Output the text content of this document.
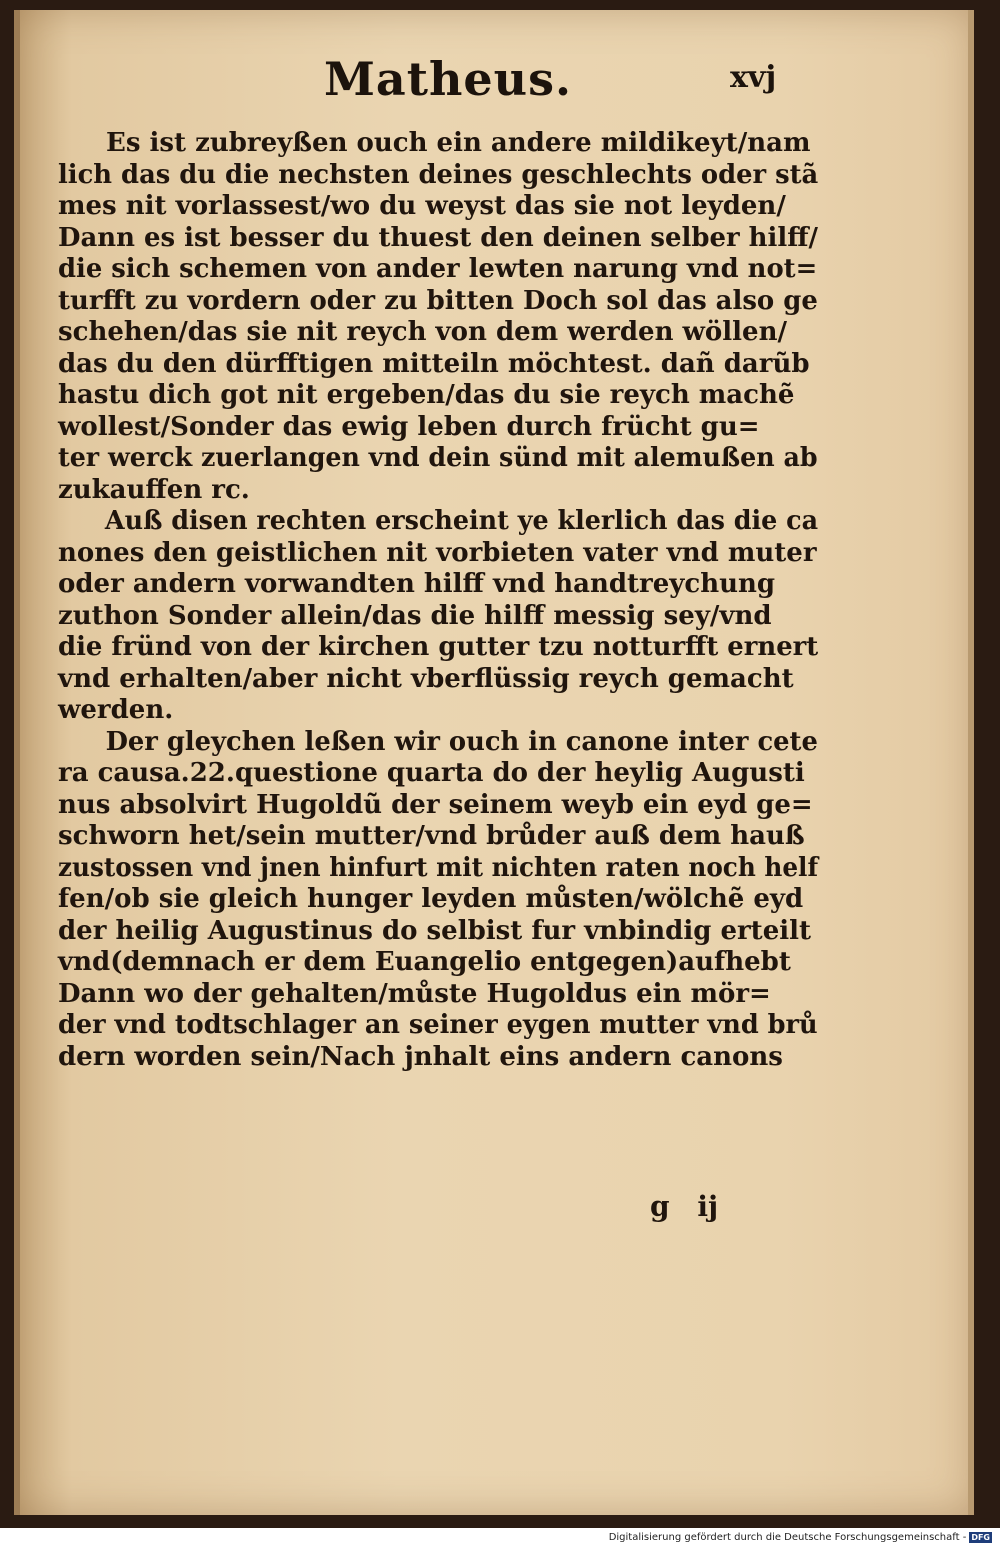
Matheus.	xvj
Es ist zubreyßen ouch ein andere mildikeyt/nam
lich das du die nechsten deines geschlechts oder stã
mes nit vorlassest/wo du weyst das sie not leyden/
Dann es ist besser du thuest den deinen selber hilff/
die sich schemen von ander lewten narung vnd not=
turfft zu vordern oder zu bitten Doch sol das also ge
schehen/das sie nit reych von dem werden wöllen/
das du den dürfftigen mitteiln möchtest. dañ darũb
hastu dich got nit ergeben/das du sie reych machẽ
wollest/Sonder das ewig leben durch frücht gu=
ter werck zuerlangen vnd dein sünd mit alemußen ab
zukauffen rc.
Auß disen rechten erscheint ye klerlich das die ca
nones den geistlichen nit vorbieten vater vnd muter
oder andern vorwandten hilff vnd handtreychung
zuthon Sonder allein/das die hilff messig sey/vnd
die fründ von der kirchen gutter tzu notturfft ernert
vnd erhalten/aber nicht vberflüssig reych gemacht
werden.
Der gleychen leßen wir ouch in canone inter cete
ra causa.22.questione quarta do der heylig Augusti
nus absolvirt Hugoldũ der seinem weyb ein eyd ge=
schworn het/sein mutter/vnd brůder auß dem hauß
zustossen vnd jnen hinfurt mit nichten raten noch helf
fen/ob sie gleich hunger leyden můsten/wölchẽ eyd
der heilig Augustinus do selbist fur vnbindig erteilt
vnd(demnach er dem Euangelio entgegen)aufhebt
Dann wo der gehalten/můste Hugoldus ein mör=
der vnd todtschlager an seiner eygen mutter vnd brů
dern worden sein/Nach jnhalt eins andern canons
g ij
Digitalisierung gefördert durch die Deutsche Forschungsgemeinschaft - DFG
